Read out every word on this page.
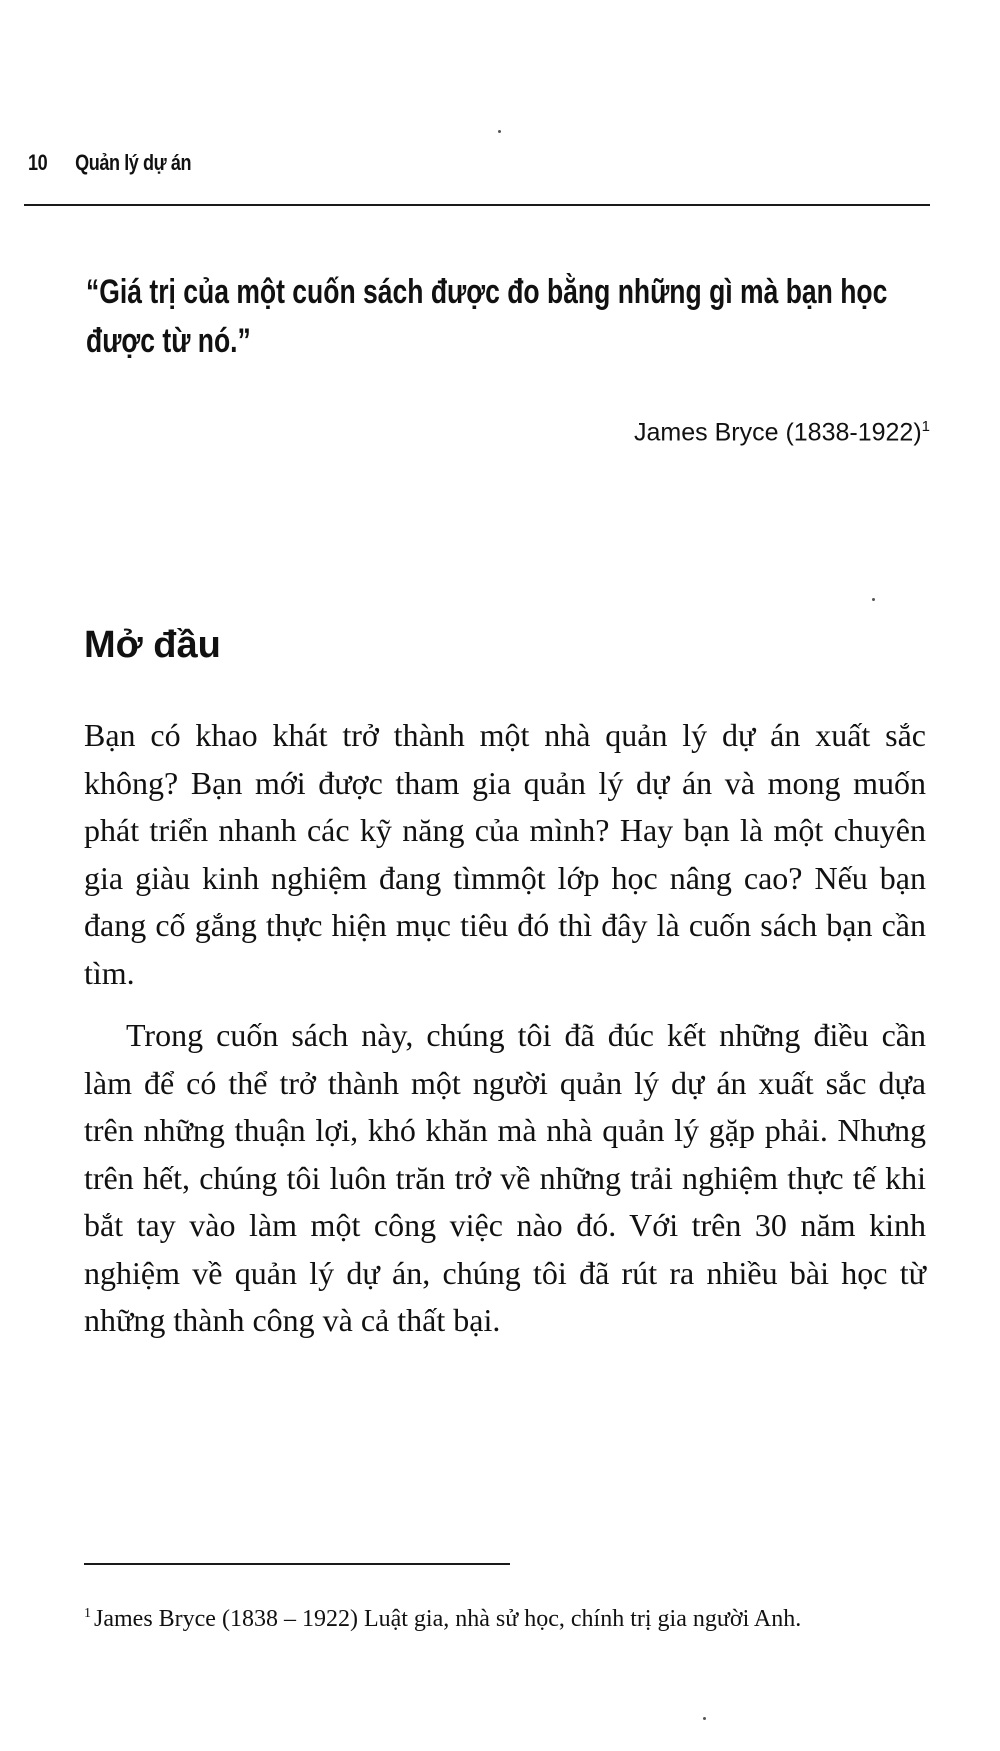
10 Quản lý dự án
“Giá trị của một cuốn sách được đo bằng những gì mà bạn học được từ nó.”
James Bryce (1838-1922)$^1$
Mở đầu

Bạn có khao khát trở thành một nhà quản lý dự án xuất sắc không? Bạn mới được tham gia quản lý dự án và mong muốn phát triển nhanh các kỹ năng của mình? Hay bạn là một chuyên gia giàu kinh nghiệm đang tìmmột lớp học nâng cao? Nếu bạn đang cố gắng thực hiện mục tiêu đó thì đây là cuốn sách bạn cần tìm.

Trong cuốn sách này, chúng tôi đã đúc kết những điều cần làm để có thể trở thành một người quản lý dự án xuất sắc dựa trên những thuận lợi, khó khăn mà nhà quản lý gặp phải. Nhưng trên hết, chúng tôi luôn trăn trở về những trải nghiệm thực tế khi bắt tay vào làm một công việc nào đó. Với trên 30 năm kinh nghiệm về quản lý dự án, chúng tôi đã rút ra nhiều bài học từ những thành công và cả thất bại.

$^1$ James Bryce (1838 – 1922) Luật gia, nhà sử học, chính trị gia người Anh.
